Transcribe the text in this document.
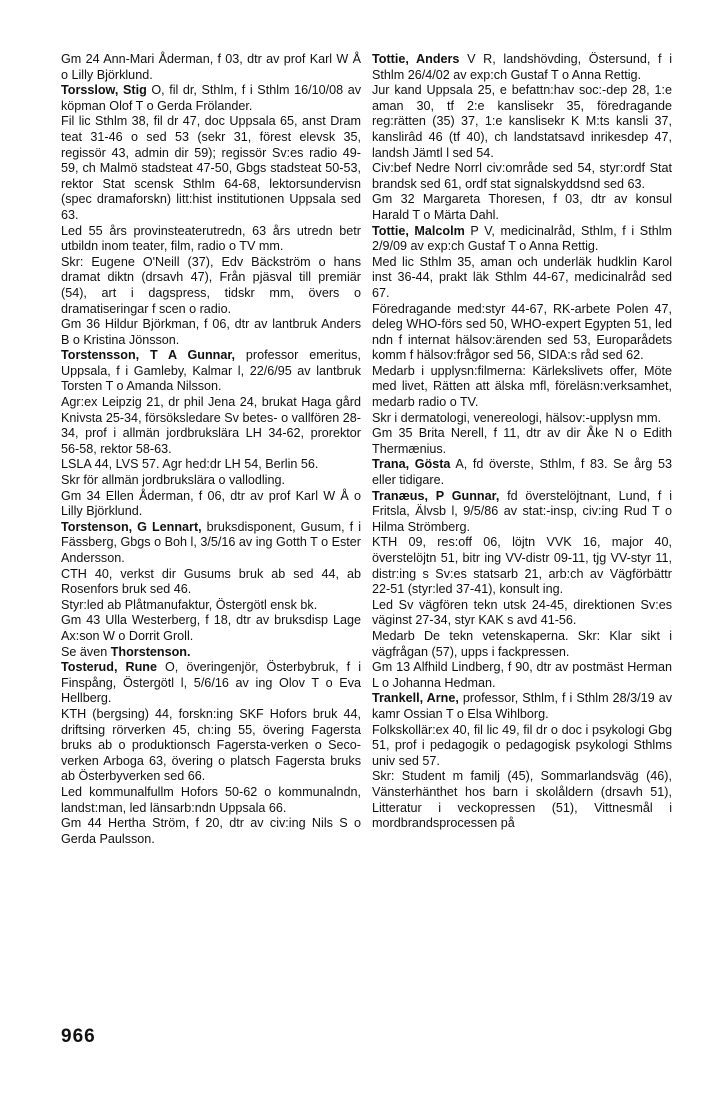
Gm 24 Ann-Mari Åderman, f 03, dtr av prof Karl W Å o Lilly Björklund.

Torsslow, Stig O, fil dr, Sthlm, f i Sthlm 16/10/08 av köpman Olof T o Gerda Frölander.

Fil lic Sthlm 38, fil dr 47, doc Uppsala 65, anst Dram teat 31-46 o sed 53 (sekr 31, förest elevsk 35, regissör 43, admin dir 59); regissör Sv:es radio 49-59, ch Malmö stadsteat 47-50, Gbgs stadsteat 50-53, rektor Stat scensk Sthlm 64-68, lektorsundervisn (spec dramaforskn) litt:hist institutionen Uppsala sed 63.

Led 55 års provinsteaterutredn, 63 års utredn betr utbildn inom teater, film, radio o TV mm.

Skr: Eugene O'Neill (37), Edv Bäckström o hans dramat diktn (drsavh 47), Från pjäsval till premiär (54), art i dagspress, tidskr mm, övers o dramatiseringar f scen o radio.

Gm 36 Hildur Björkman, f 06, dtr av lantbruk Anders B o Kristina Jönsson.

Torstensson, T A Gunnar, professor emeritus, Uppsala, f i Gamleby, Kalmar l, 22/6/95 av lantbruk Torsten T o Amanda Nilsson.

Agr:ex Leipzig 21, dr phil Jena 24, brukat Haga gård Knivsta 25-34, försöksledare Sv betes- o vallfören 28-34, prof i allmän jordbrukslära LH 34-62, prorektor 56-58, rektor 58-63.

LSLA 44, LVS 57. Agr hed:dr LH 54, Berlin 56.

Skr för allmän jordbrukslära o vallodling.

Gm 34 Ellen Åderman, f 06, dtr av prof Karl W Å o Lilly Björklund.

Torstenson, G Lennart, bruksdisponent, Gusum, f i Fässberg, Gbgs o Boh l, 3/5/16 av ing Gotth T o Ester Andersson.

CTH 40, verkst dir Gusums bruk ab sed 44, ab Rosenfors bruk sed 46.

Styr:led ab Plåtmanufaktur, Östergötl ensk bk.

Gm 43 Ulla Westerberg, f 18, dtr av bruksdisp Lage Ax:son W o Dorrit Groll.

Se även Thorstenson.

Tosterud, Rune O, överingenjör, Österbybruk, f i Finspång, Östergötl l, 5/6/16 av ing Olov T o Eva Hellberg.

KTH (bergsing) 44, forskn:ing SKF Hofors bruk 44, driftsing rörverken 45, ch:ing 55, övering Fagersta bruks ab o produktionsch Fagersta-verken o Seco-verken Arboga 63, övering o platsch Fagersta bruks ab Österbyverken sed 66.

Led kommunalfullm Hofors 50-62 o kommunalndn, landst:man, led länsarb:ndn Uppsala 66.

Gm 44 Hertha Ström, f 20, dtr av civ:ing Nils S o Gerda Paulsson.

Tottie, Anders V R, landshövding, Östersund, f i Sthlm 26/4/02 av exp:ch Gustaf T o Anna Rettig.

Jur kand Uppsala 25, e befattn:hav soc:-dep 28, 1:e aman 30, tf 2:e kanslisekr 35, föredragande reg:rätten (35) 37, 1:e kanslisekr K M:ts kansli 37, kanslirâd 46 (tf 40), ch landstatsavd inrikesdep 47, landsh Jämtl l sed 54.

Civ:bef Nedre Norrl civ:område sed 54, styr:ordf Stat brandsk sed 61, ordf stat signalskyddsnd sed 63.

Gm 32 Margareta Thoresen, f 03, dtr av konsul Harald T o Märta Dahl.

Tottie, Malcolm P V, medicinalråd, Sthlm, f i Sthlm 2/9/09 av exp:ch Gustaf T o Anna Rettig.

Med lic Sthlm 35, aman och underläk hudklin Karol inst 36-44, prakt läk Sthlm 44-67, medicinalråd sed 67.

Föredragande med:styr 44-67, RK-arbete Polen 47, deleg WHO-förs sed 50, WHO-expert Egypten 51, led ndn f internat hälsov:ärenden sed 53, Europarådets komm f hälsov:frågor sed 56, SIDA:s råd sed 62.

Medarb i upplysn:filmerna: Kärlekslivets offer, Möte med livet, Rätten att älska mfl, föreläsn:verksamhet, medarb radio o TV.

Skr i dermatologi, venereologi, hälsov:-upplysn mm.

Gm 35 Brita Nerell, f 11, dtr av dir Åke N o Edith Thermænius.

Trana, Gösta A, fd överste, Sthlm, f 83. Se årg 53 eller tidigare.

Tranæus, P Gunnar, fd överstelöjtnant, Lund, f i Fritsla, Älvsb l, 9/5/86 av stat:-insp, civ:ing Rud T o Hilma Strömberg.

KTH 09, res:off 06, löjtn VVK 16, major 40, överstelöjtn 51, bitr ing VV-distr 09-11, tjg VV-styr 11, distr:ing s Sv:es statsarb 21, arb:ch av Vägförbättr 22-51 (styr:led 37-41), konsult ing.

Led Sv vägfören tekn utsk 24-45, direktionen Sv:es väginst 27-34, styr KAK s avd 41-56.

Medarb De tekn vetenskaperna. Skr: Klar sikt i vägfrågan (57), upps i fackpressen.

Gm 13 Alfhild Lindberg, f 90, dtr av postmäst Herman L o Johanna Hedman.

Trankell, Arne, professor, Sthlm, f i Sthlm 28/3/19 av kamr Ossian T o Elsa Wihlborg.

Folkskollär:ex 40, fil lic 49, fil dr o doc i psykologi Gbg 51, prof i pedagogik o pedagogisk psykologi Sthlms univ sed 57.

Skr: Student m familj (45), Sommarlandsväg (46), Vänsterhänthet hos barn i skolåldern (drsavh 51), Litteratur i veckopressen (51), Vittnesmål i mordbrandsprocessen på

966
